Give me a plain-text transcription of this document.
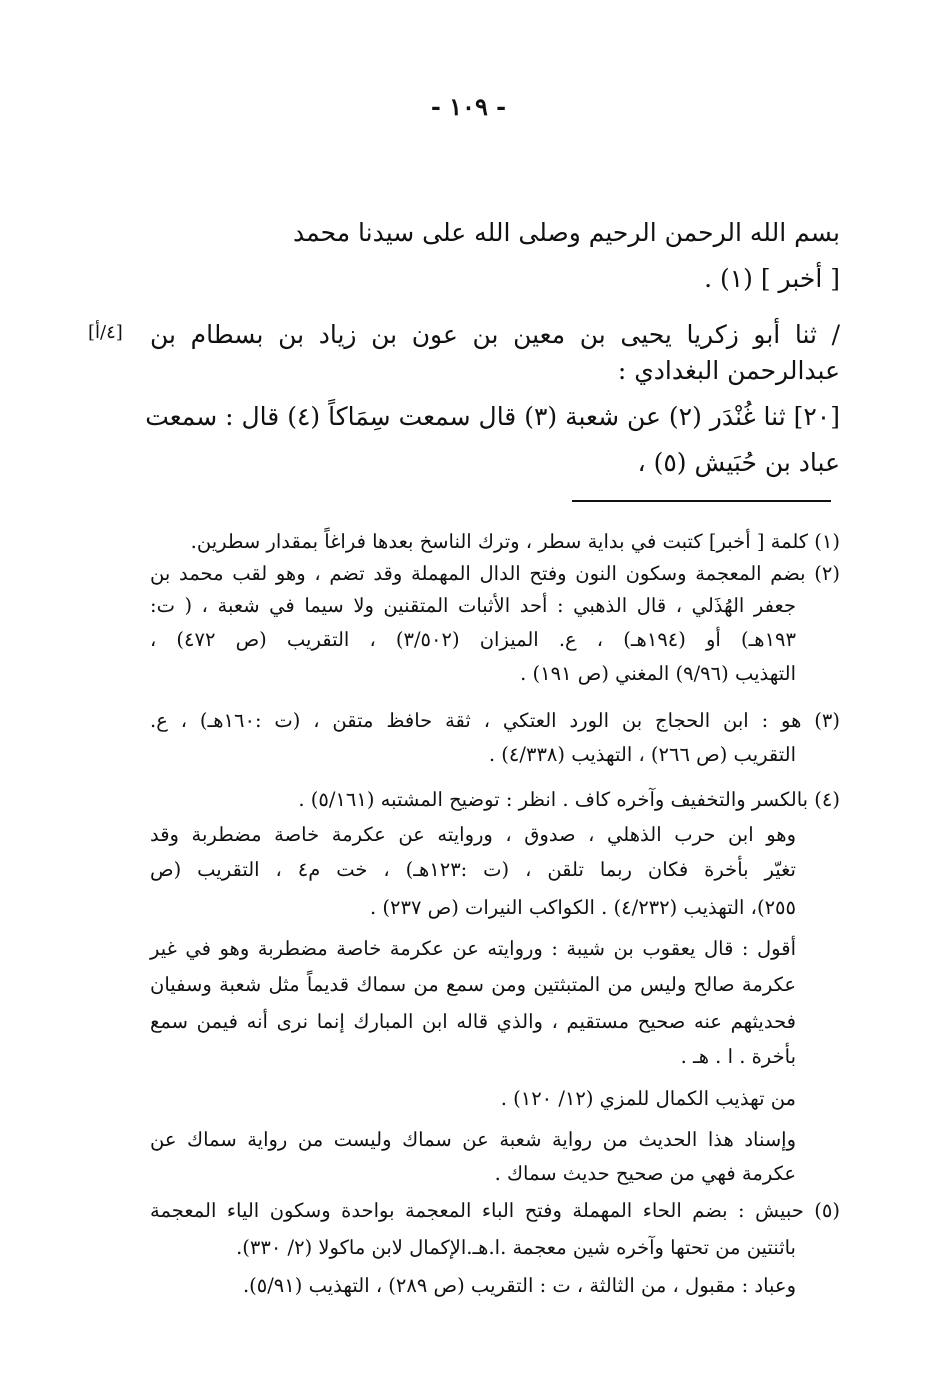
- ١٠٩ -
بسم الله الرحمن الرحيم وصلى الله على سيدنا محمد
[ أخبر ] (١) .
/ ثنا أبو زكريا يحيى بن معين بن عون بن زياد بن بسطام بن
عبدالرحمن البغدادي :
[٢٠] ثنا غُنْدَر (٢) عن شعبة (٣) قال سمعت سِمَاكاً (٤) قال : سمعت
عباد بن حُبَيش (٥) ،
[٤/أ]
(١) كلمة [ أخبر] كتبت في بداية سطر ، وترك الناسخ بعدها فراغاً بمقدار سطرين.
(٢) بضم المعجمة وسكون النون وفتح الدال المهملة وقد تضم ، وهو لقب محمد بن
جعفر الهُذَلي ، قال الذهبي : أحد الأثبات المتقنين ولا سيما في شعبة ، ( ت:
١٩٣هـ) أو (١٩٤هـ) ، ع. الميزان (٣/٥٠٢) ، التقريب (ص ٤٧٢) ،
التهذيب (٩/٩٦) المغني (ص ١٩١) .
(٣) هو : ابن الحجاج بن الورد العتكي ، ثقة حافظ متقن ، (ت :١٦٠هـ) ، ع.
التقريب (ص ٢٦٦) ، التهذيب (٤/٣٣٨) .
(٤) بالكسر والتخفيف وآخره كاف . انظر : توضيح المشتبه (٥/١٦١) .
وهو ابن حرب الذهلي ، صدوق ، وروايته عن عكرمة خاصة مضطربة وقد
تغيّر بأخرة فكان ربما تلقن ، (ت :١٢٣هـ) ، خت م٤ ، التقريب (ص
٢٥٥)، التهذيب (٤/٢٣٢) . الكواكب النيرات (ص ٢٣٧) .
أقول : قال يعقوب بن شيبة : وروايته عن عكرمة خاصة مضطربة وهو في غير
عكرمة صالح وليس من المتبثتين ومن سمع من سماك قديماً مثل شعبة وسفيان
فحديثهم عنه صحيح مستقيم ، والذي قاله ابن المبارك إنما نرى أنه فيمن سمع
بأخرة . ا . هـ .
من تهذيب الكمال للمزي (١٢/ ١٢٠) .
وإسناد هذا الحديث من رواية شعبة عن سماك وليست من رواية سماك عن
عكرمة فهي من صحيح حديث سماك .
(٥) حبيش : بضم الحاء المهملة وفتح الباء المعجمة بواحدة وسكون الياء المعجمة
باثنتين من تحتها وآخره شين معجمة .ا.هـ.الإكمال لابن ماكولا (٢/ ٣٣٠).
وعباد : مقبول ، من الثالثة ، ت : التقريب (ص ٢٨٩) ، التهذيب (٥/٩١).
